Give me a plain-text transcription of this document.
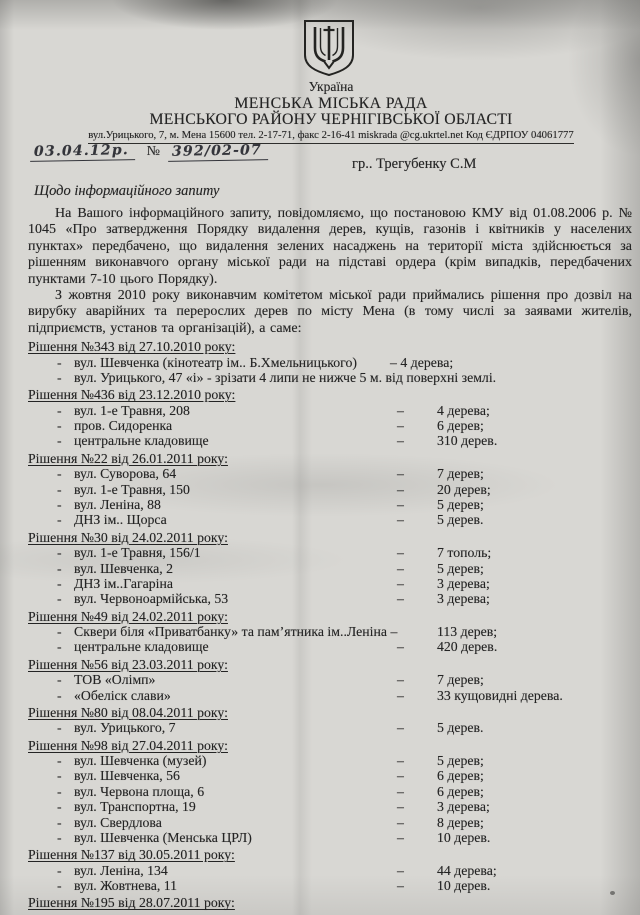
Україна
МЕНСЬКА МІСЬКА РАДА
МЕНСЬКОГО РАЙОНУ ЧЕРНІГІВСЬКОЇ ОБЛАСТІ
вул.Урицького, 7, м. Мена 15600 тел. 2-17-71, факс 2-16-41 miskrada @cg.ukrtel.net Код ЄДРПОУ 04061777
03.04.12р. № 392/02-07
гр.. Трегубенку С.М
Щодо інформаційного запиту

На Вашого інформаційного запиту, повідомляємо, що постановою КМУ від 01.08.2006 р. № 1045 «Про затвердження Порядку видалення дерев, кущів, газонів і квітників у населених пунктах» передбачено, що видалення зелених насаджень на території міста здійснюється за рішенням виконавчого органу міської ради на підставі ордера (крім випадків, передбачених пунктами 7-10 цього Порядку).

З жовтня 2010 року виконавчим комітетом міської ради приймались рішення про дозвіл на вирубку аварійних та перерослих дерев по місту Мена (в тому числі за заявами жителів, підприємств, установ та організацій), а саме:

Рішення №343 від 27.10.2010 року:
- вул. Шевченка (кінотеатр ім.. Б.Хмельницького) – 4 дерева;
- вул. Урицького, 47 «і» - зрізати 4 липи не нижче 5 м. від поверхні землі.
Рішення №436 від 23.12.2010 року:
- вул. 1-е Травня, 208	– 4 дерева;
- пров. Сидоренка	– 6 дерев;
- центральне кладовище	– 310 дерев.
Рішення №22 від 26.01.2011 року:
- вул. Суворова, 64	– 7 дерев;
- вул. 1-е Травня, 150	– 20 дерев;
- вул. Леніна, 88	– 5 дерев;
- ДНЗ ім.. Щорса	– 5 дерев.
Рішення №30 від 24.02.2011 року:
- вул. 1-е Травня, 156/1	– 7 тополь;
- вул. Шевченка, 2	– 5 дерев;
- ДНЗ ім..Гагаріна	– 3 дерева;
- вул. Червоноармійська, 53	– 3 дерева;
Рішення №49 від 24.02.2011 року:
- Сквери біля «Приватбанку» та пам’ятника ім..Леніна –	113 дерев;
- центральне кладовище	– 420 дерев.
Рішення №56 від 23.03.2011 року:
- ТОВ «Олімп»	– 7 дерев;
- «Обеліск слави»	– 33 кущовидні дерева.
Рішення №80 від 08.04.2011 року:
- вул. Урицького, 7	– 5 дерев.
Рішення №98 від 27.04.2011 року:
- вул. Шевченка (музей)	– 5 дерев;
- вул. Шевченка, 56	– 6 дерев;
- вул. Червона площа, 6	– 6 дерев;
- вул. Транспортна, 19	– 3 дерева;
- вул. Свердлова	– 8 дерев;
- вул. Шевченка (Менська ЦРЛ)	– 10 дерев.
Рішення №137 від 30.05.2011 року:
- вул. Леніна, 134	– 44 дерева;
- вул. Жовтнева, 11	– 10 дерев.
Рішення №195 від 28.07.2011 року:
